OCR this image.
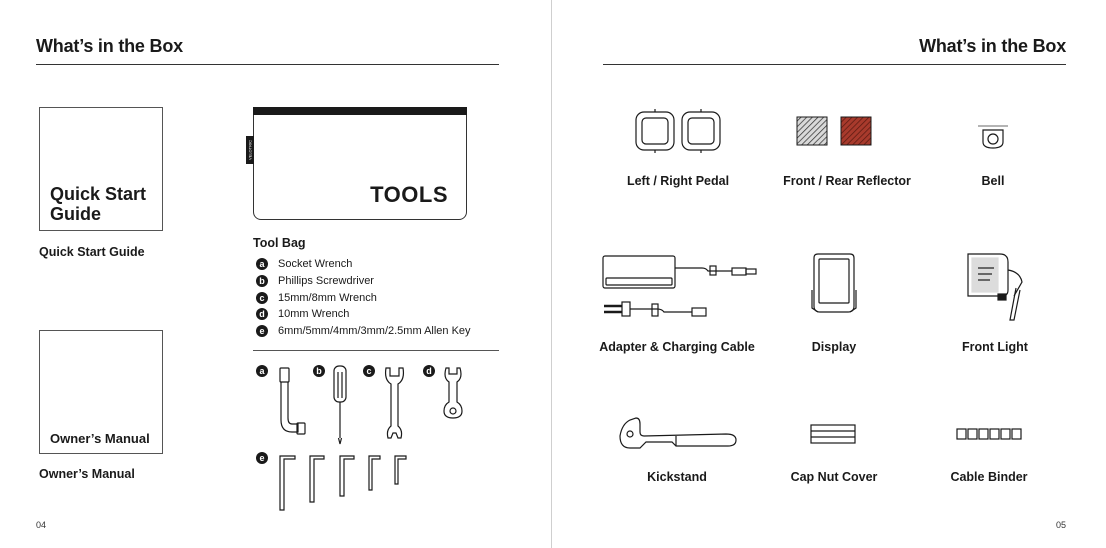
What’s in the Box
Quick Start
Guide
Quick Start Guide
Owner’s Manual
Owner’s Manual
VELOTRIC
TOOLS
Tool Bag
a	Socket Wrench
b Phillips Screwdriver
c	15mm/8mm Wrench
d 10mm Wrench
e	6mm/5mm/4mm/3mm/2.5mm Allen Key
a	b	c	d
e
04
What’s in the Box
Left / Right Pedal	Front / Rear Reflector	Bell
Adapter & Charging Cable	Display	Front Light
Kickstand	Cap Nut Cover	Cable Binder
05
